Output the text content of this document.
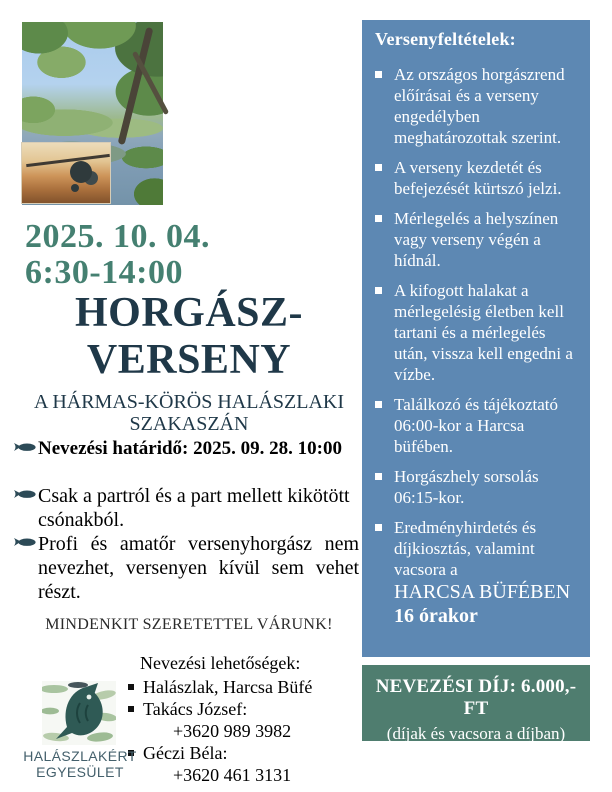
2025. 10. 04.
6:30-14:00
HORGÁSZ-
VERSENY
A HÁRMAS-KÖRÖS HALÁSZLAKI
SZAKASZÁN
Nevezési határidő: 2025. 09. 28. 10:00
Csak a partról és a part mellett kikötött csónakból.
Profi és amatőr versenyhorgász nem nevezhet, versenyen kívül sem vehet részt.
MINDENKIT SZERETETTEL VÁRUNK!
Nevezési lehetőségek:
Halászlak, Harcsa Büfé
Takács József:
+3620 989 3982
Géczi Béla:
+3620 461 3131
HALÁSZLAKÉRT
EGYESÜLET
Versenyfeltételek:
Az országos horgászrend előírásai és a verseny engedélyben meghatározottak szerint.
A verseny kezdetét és befejezését kürtszó jelzi.
Mérlegelés a helyszínen vagy verseny végén a hídnál.
A kifogott halakat a mérlegelésig életben kell tartani és a mérlegelés után, vissza kell engedni a vízbe.
Találkozó és tájékoztató 06:00-kor a Harcsa büfében.
Horgászhely sorsolás 06:15-kor.
Eredményhirdetés és díjkiosztás, valamint vacsora a
HARCSA BÜFÉBEN
16 órakor
NEVEZÉSI DÍJ: 6.000,- FT
(díjak és vacsora a díjban)
